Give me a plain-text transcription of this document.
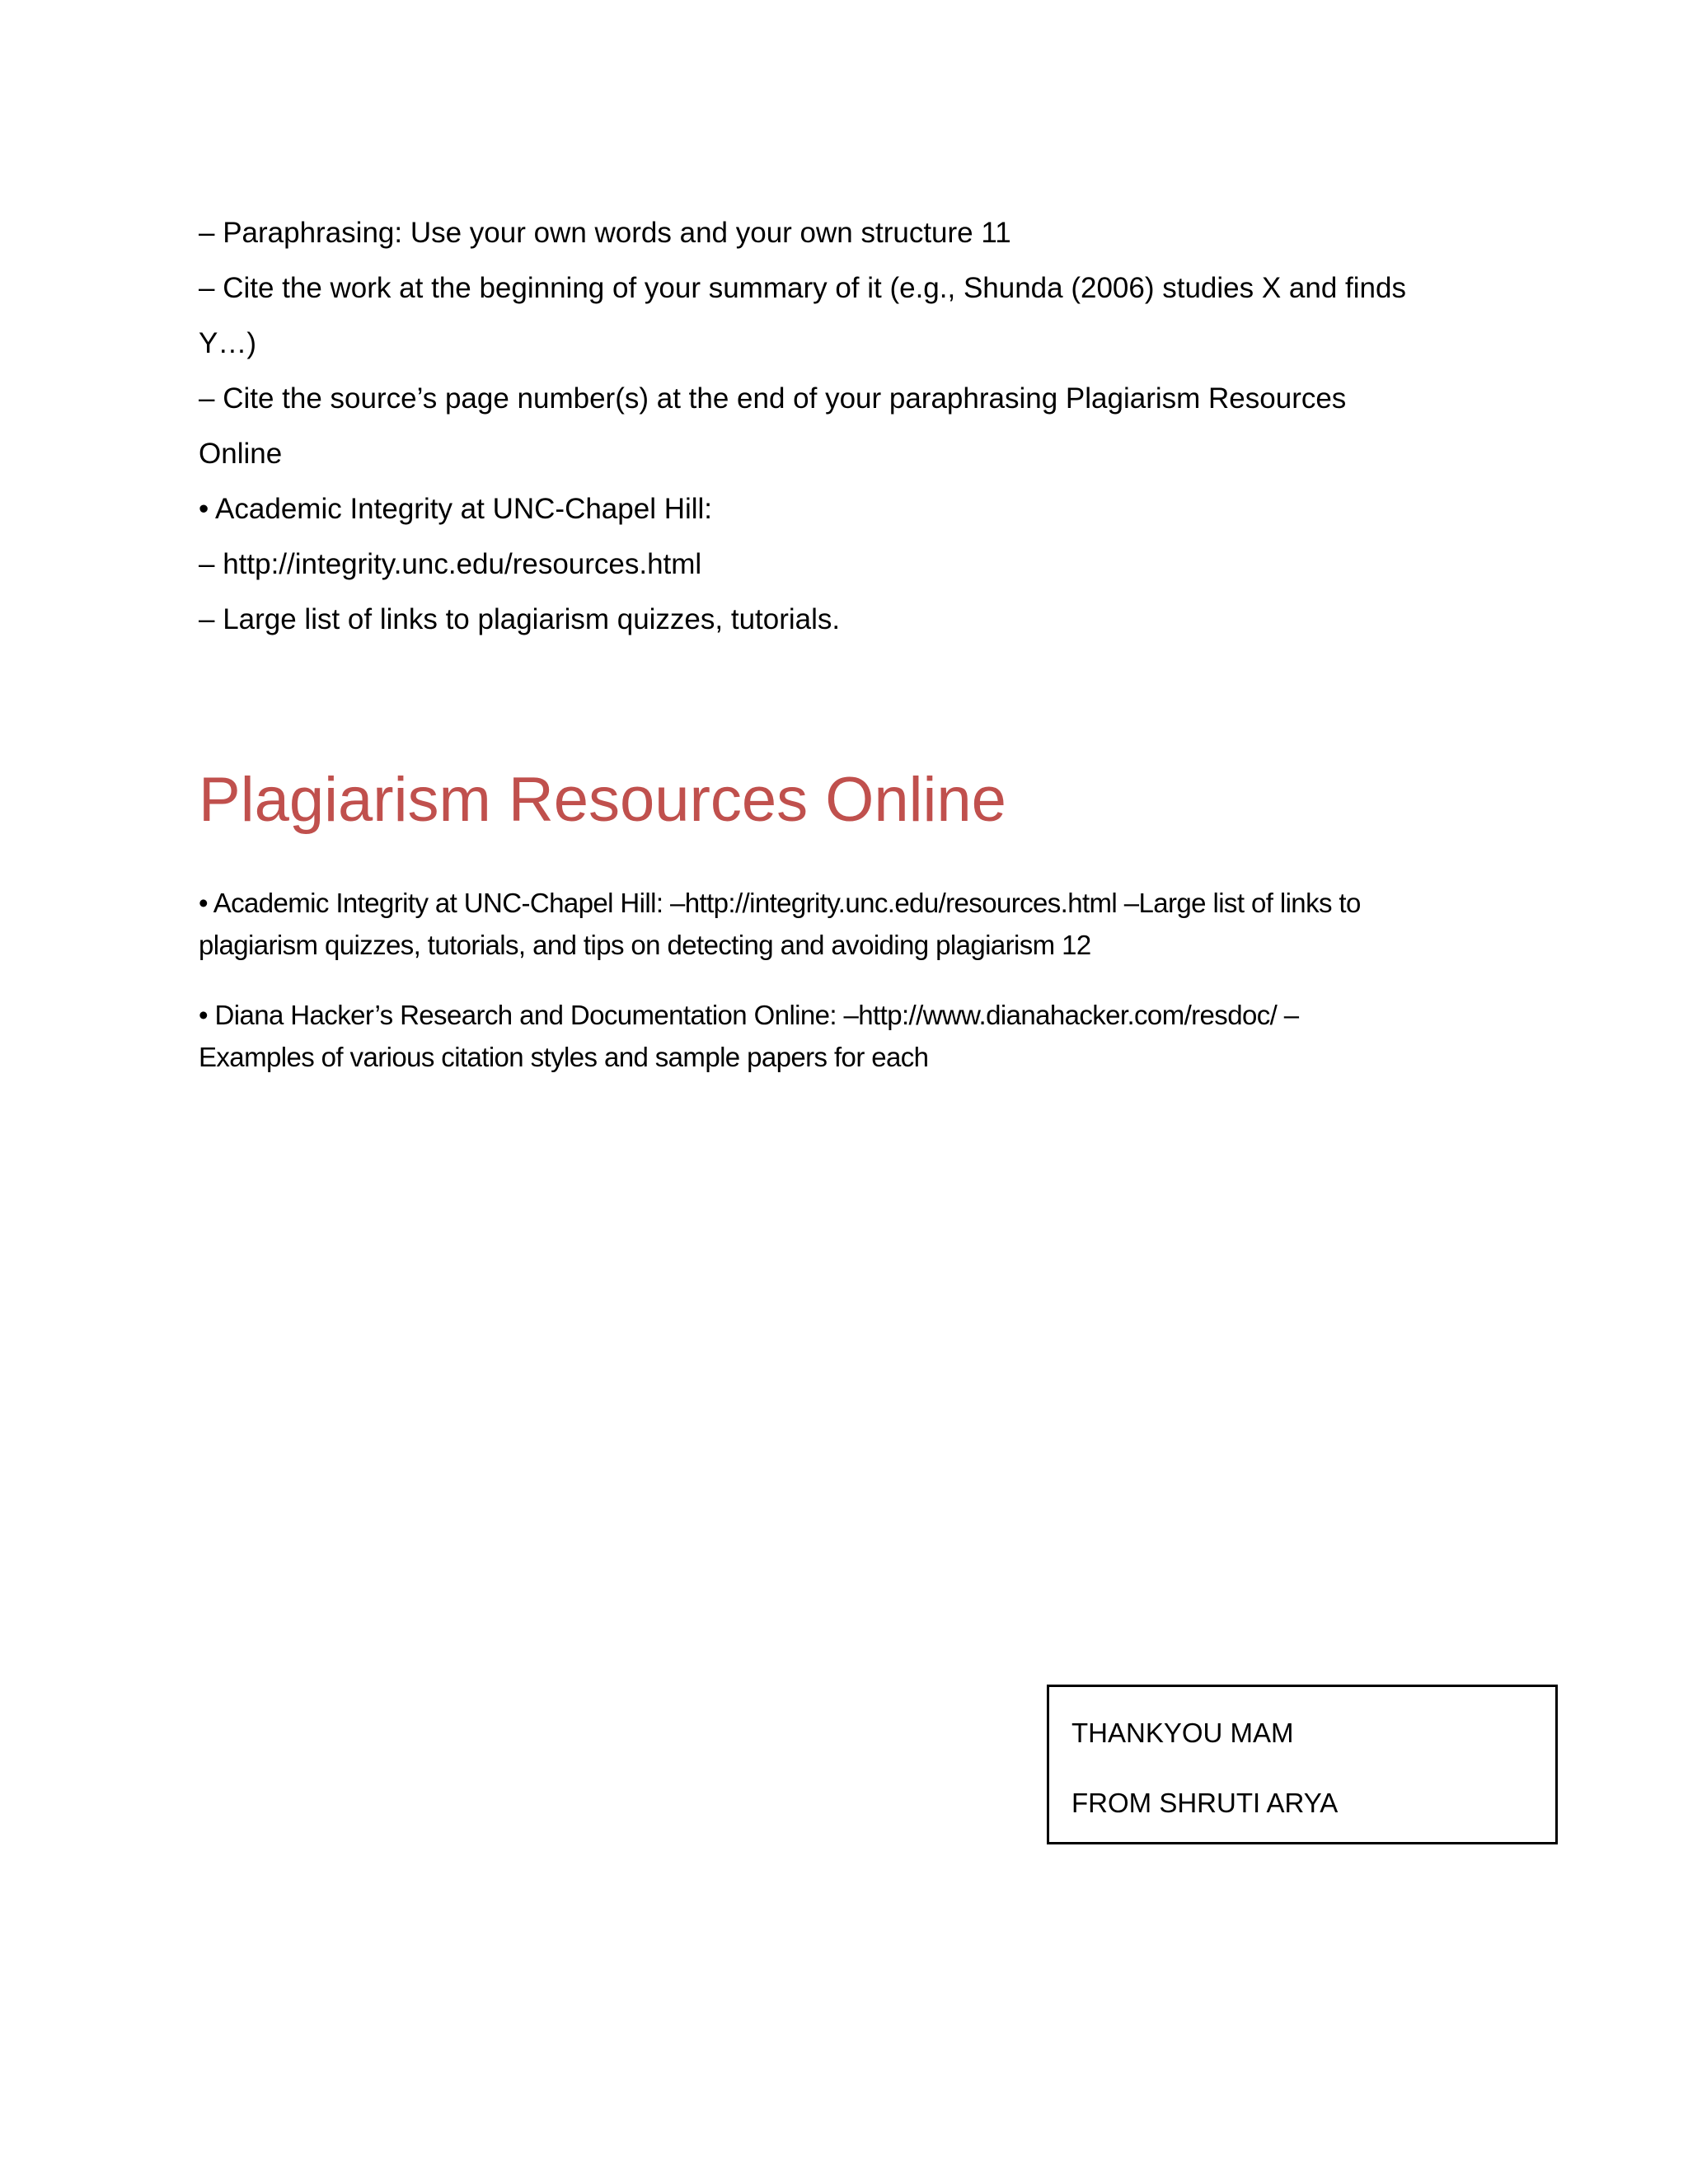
– Paraphrasing: Use your own words and your own structure 11
– Cite the work at the beginning of your summary of it (e.g., Shunda (2006) studies X and finds
Y…)
– Cite the source’s page number(s) at the end of your paraphrasing Plagiarism Resources
Online
• Academic Integrity at UNC-Chapel Hill:
– http://integrity.unc.edu/resources.html
– Large list of links to plagiarism quizzes, tutorials.
Plagiarism Resources Online
• Academic Integrity at UNC-Chapel Hill: –http://integrity.unc.edu/resources.html –Large list of links to
plagiarism quizzes, tutorials, and tips on detecting and avoiding plagiarism 12
• Diana Hacker’s Research and Documentation Online: –http://www.dianahacker.com/resdoc/ –
Examples of various citation styles and sample papers for each
THANKYOU MAM
FROM SHRUTI ARYA
